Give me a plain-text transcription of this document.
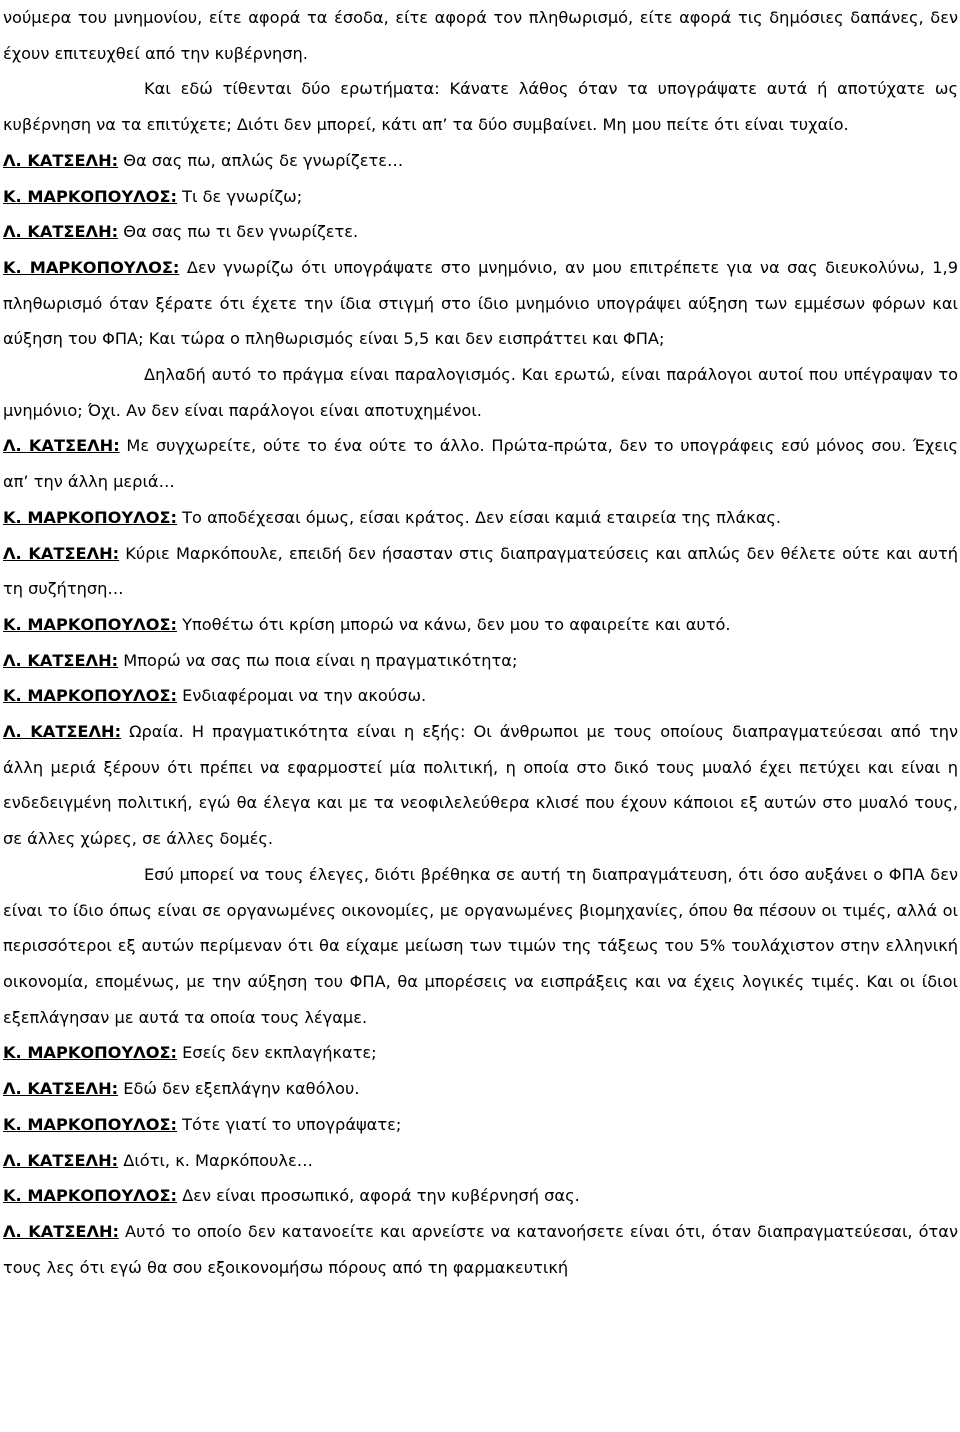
νούμερα του μνημονίου, είτε αφορά τα έσοδα, είτε αφορά τον πληθωρισμό, είτε αφορά τις δημόσιες δαπάνες, δεν έχουν επιτευχθεί από την κυβέρνηση.

Και εδώ τίθενται δύο ερωτήματα: Κάνατε λάθος όταν τα υπογράψατε αυτά ή αποτύχατε ως κυβέρνηση να τα επιτύχετε; Διότι δεν μπορεί, κάτι απ’ τα δύο συμβαίνει. Μη μου πείτε ότι είναι τυχαίο.

Λ. ΚΑΤΣΕΛΗ: Θα σας πω, απλώς δε γνωρίζετε…

Κ. ΜΑΡΚΟΠΟΥΛΟΣ: Τι δε γνωρίζω;

Λ. ΚΑΤΣΕΛΗ: Θα σας πω τι δεν γνωρίζετε.

Κ. ΜΑΡΚΟΠΟΥΛΟΣ: Δεν γνωρίζω ότι υπογράψατε στο μνημόνιο, αν μου επιτρέπετε για να σας διευκολύνω, 1,9 πληθωρισμό όταν ξέρατε ότι έχετε την ίδια στιγμή στο ίδιο μνημόνιο υπογράψει αύξηση των εμμέσων φόρων και αύξηση του ΦΠΑ; Και τώρα ο πληθωρισμός είναι 5,5 και δεν εισπράττει και ΦΠΑ;

Δηλαδή αυτό το πράγμα είναι παραλογισμός. Και ερωτώ, είναι παράλογοι αυτοί που υπέγραψαν το μνημόνιο; Όχι. Αν δεν είναι παράλογοι είναι αποτυχημένοι.

Λ. ΚΑΤΣΕΛΗ: Με συγχωρείτε, ούτε το ένα ούτε το άλλο. Πρώτα-πρώτα, δεν το υπογράφεις εσύ μόνος σου. Έχεις απ’ την άλλη μεριά…

Κ. ΜΑΡΚΟΠΟΥΛΟΣ: Το αποδέχεσαι όμως, είσαι κράτος. Δεν είσαι καμιά εταιρεία της πλάκας.

Λ. ΚΑΤΣΕΛΗ: Κύριε Μαρκόπουλε, επειδή δεν ήσασταν στις διαπραγματεύσεις και απλώς δεν θέλετε ούτε και αυτή τη συζήτηση…

Κ. ΜΑΡΚΟΠΟΥΛΟΣ: Υποθέτω ότι κρίση μπορώ να κάνω, δεν μου το αφαιρείτε και αυτό.

Λ. ΚΑΤΣΕΛΗ: Μπορώ να σας πω ποια είναι η πραγματικότητα;

Κ. ΜΑΡΚΟΠΟΥΛΟΣ: Ενδιαφέρομαι να την ακούσω.

Λ. ΚΑΤΣΕΛΗ: Ωραία. Η πραγματικότητα είναι η εξής: Οι άνθρωποι με τους οποίους διαπραγματεύεσαι από την άλλη μεριά ξέρουν ότι πρέπει να εφαρμοστεί μία πολιτική, η οποία στο δικό τους μυαλό έχει πετύχει και είναι η ενδεδειγμένη πολιτική, εγώ θα έλεγα και με τα νεοφιλελεύθερα κλισέ που έχουν κάποιοι εξ αυτών στο μυαλό τους, σε άλλες χώρες, σε άλλες δομές.

Εσύ μπορεί να τους έλεγες, διότι βρέθηκα σε αυτή τη διαπραγμάτευση, ότι όσο αυξάνει ο ΦΠΑ δεν είναι το ίδιο όπως είναι σε οργανωμένες οικονομίες, με οργανωμένες βιομηχανίες, όπου θα πέσουν οι τιμές, αλλά οι περισσότεροι εξ αυτών περίμεναν ότι θα είχαμε μείωση των τιμών της τάξεως του 5% τουλάχιστον στην ελληνική οικονομία, επομένως, με την αύξηση του ΦΠΑ, θα μπορέσεις να εισπράξεις και να έχεις λογικές τιμές. Και οι ίδιοι εξεπλάγησαν με αυτά τα οποία τους λέγαμε.

Κ. ΜΑΡΚΟΠΟΥΛΟΣ: Εσείς δεν εκπλαγήκατε;

Λ. ΚΑΤΣΕΛΗ: Εδώ δεν εξεπλάγην καθόλου.

Κ. ΜΑΡΚΟΠΟΥΛΟΣ: Τότε γιατί το υπογράψατε;

Λ. ΚΑΤΣΕΛΗ: Διότι, κ. Μαρκόπουλε…

Κ. ΜΑΡΚΟΠΟΥΛΟΣ: Δεν είναι προσωπικό, αφορά την κυβέρνησή σας.

Λ. ΚΑΤΣΕΛΗ: Αυτό το οποίο δεν κατανοείτε και αρνείστε να κατανοήσετε είναι ότι, όταν διαπραγματεύεσαι, όταν τους λες ότι εγώ θα σου εξοικονομήσω πόρους από τη φαρμακευτική
